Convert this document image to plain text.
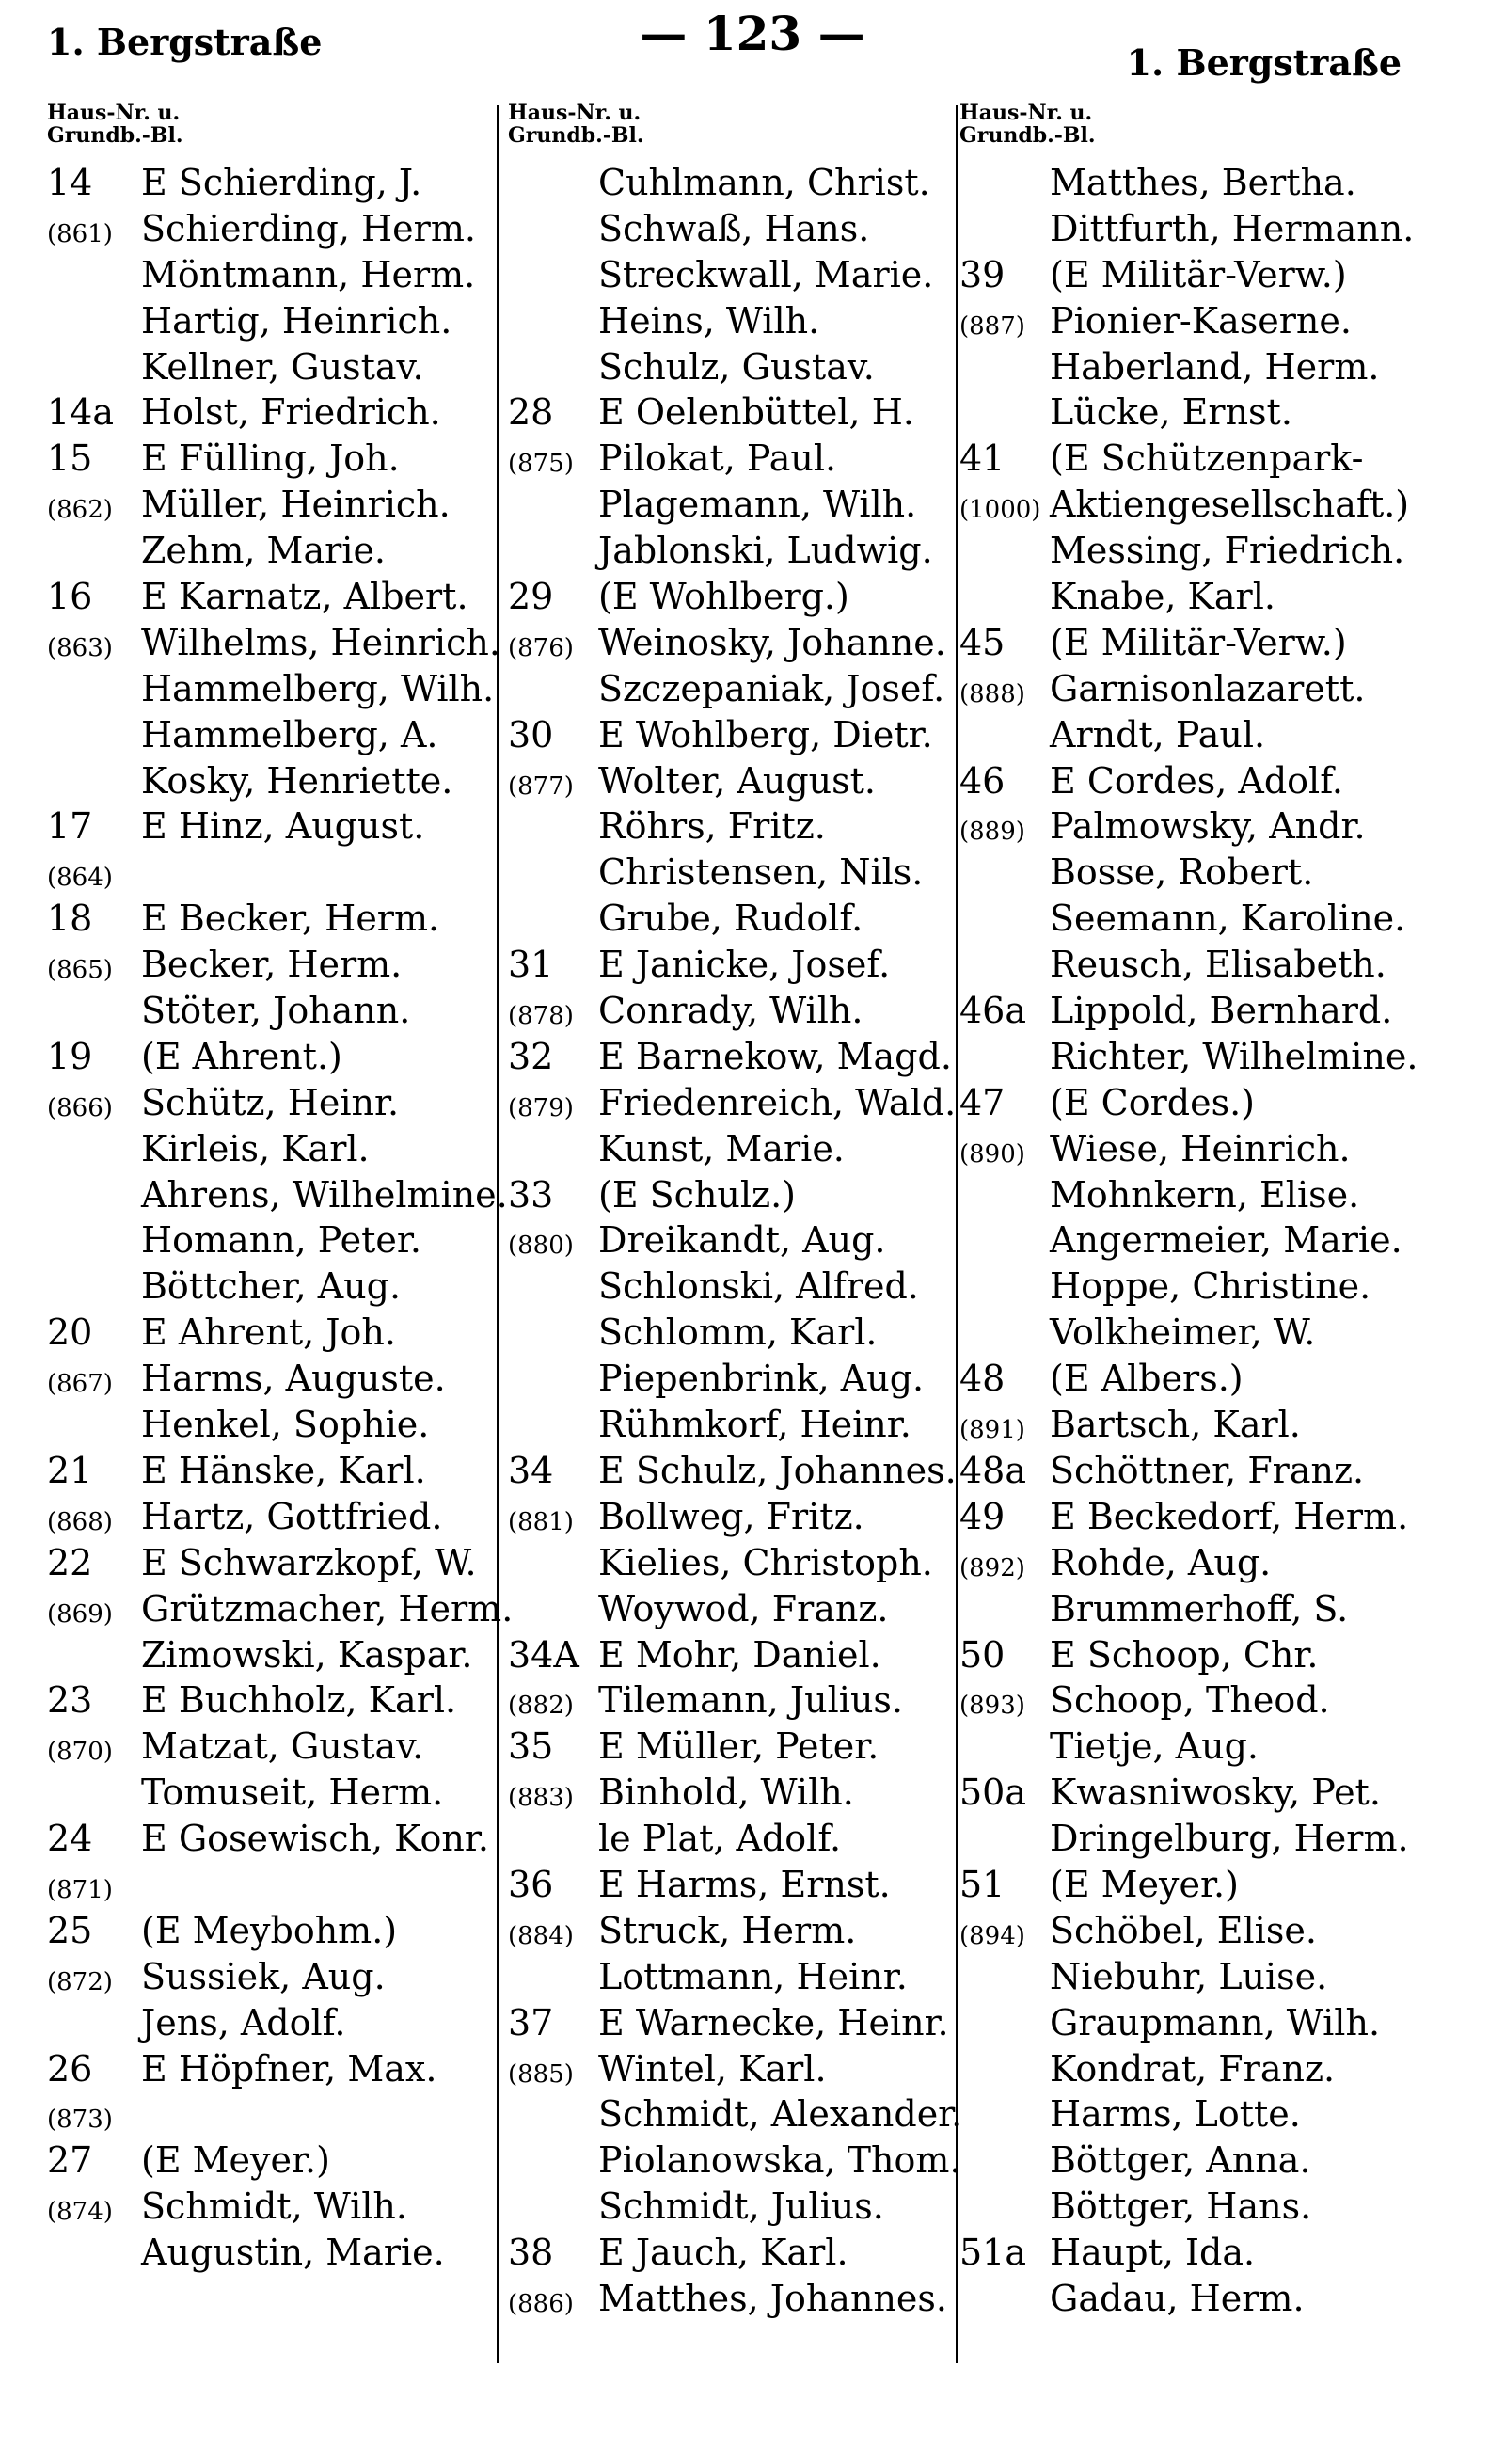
1. Bergstraße	— 123 —
1. Bergstraße
Haus-Nr. u.
Grundb.-Bl.
14 E Schierding, J.
(861) Schierding, Herm.
Möntmann, Herm.
Hartig, Heinrich.
Kellner, Gustav.
14a Holst, Friedrich.
15 E Fülling, Joh.
(862) Müller, Heinrich.
Zehm, Marie.
16 E Karnatz, Albert.
(863) Wilhelms, Heinrich.
Hammelberg, Wilh.
Hammelberg, A.
Kosky, Henriette.
17 E Hinz, August.
(864)
18 E Becker, Herm.
(865) Becker, Herm.
Stöter, Johann.
19 (E Ahrent.)
(866) Schütz, Heinr.
Kirleis, Karl.
Ahrens, Wilhelmine.
Homann, Peter.
Böttcher, Aug.
20 E Ahrent, Joh.
(867) Harms, Auguste.
Henkel, Sophie.
21 E Hänske, Karl.
(868) Hartz, Gottfried.
22 E Schwarzkopf, W.
(869) Grützmacher, Herm.
Zimowski, Kaspar.
23 E Buchholz, Karl.
(870) Matzat, Gustav.
Tomuseit, Herm.
24 E Gosewisch, Konr.
(871)
25 (E Meybohm.)
(872) Sussiek, Aug.
Jens, Adolf.
26 E Höpfner, Max.
(873)
27 (E Meyer.)
(874) Schmidt, Wilh.
Augustin, Marie.
Haus-Nr. u.
Grundb.-Bl.
Cuhlmann, Christ.
Schwaß, Hans.
Streckwall, Marie.
Heins, Wilh.
Schulz, Gustav.
28 E Oelenbüttel, H.
(875) Pilokat, Paul.
Plagemann, Wilh.
Jablonski, Ludwig.
29 (E Wohlberg.)
(876) Weinosky, Johanne.
Szczepaniak, Josef.
30 E Wohlberg, Dietr.
(877) Wolter, August.
Röhrs, Fritz.
Christensen, Nils.
Grube, Rudolf.
31 E Janicke, Josef.
(878) Conrady, Wilh.
32 E Barnekow, Magd.
(879) Friedenreich, Wald.
Kunst, Marie.
33 (E Schulz.)
(880) Dreikandt, Aug.
Schlonski, Alfred.
Schlomm, Karl.
Piepenbrink, Aug.
Rühmkorf, Heinr.
34 E Schulz, Johannes.
(881) Bollweg, Fritz.
Kielies, Christoph.
Woywod, Franz.
34A E Mohr, Daniel.
(882) Tilemann, Julius.
35 E Müller, Peter.
(883) Binhold, Wilh.
le Plat, Adolf.
36 E Harms, Ernst.
(884) Struck, Herm.
Lottmann, Heinr.
37 E Warnecke, Heinr.
(885) Wintel, Karl.
Schmidt, Alexander.
Piolanowska, Thom.
Schmidt, Julius.
38 E Jauch, Karl.
(886) Matthes, Johannes.
Haus-Nr. u.
Grundb.-Bl.
Matthes, Bertha.
Dittfurth, Hermann.
39 (E Militär-Verw.)
(887) Pionier-Kaserne.
Haberland, Herm.
Lücke, Ernst.
41 (E Schützenpark-
(1000) Aktiengesellschaft.)
Messing, Friedrich.
Knabe, Karl.
45 (E Militär-Verw.)
(888) Garnisonlazarett.
Arndt, Paul.
46 E Cordes, Adolf.
(889) Palmowsky, Andr.
Bosse, Robert.
Seemann, Karoline.
Reusch, Elisabeth.
46a Lippold, Bernhard.
Richter, Wilhelmine.
47 (E Cordes.)
(890) Wiese, Heinrich.
Mohnkern, Elise.
Angermeier, Marie.
Hoppe, Christine.
Volkheimer, W.
48 (E Albers.)
(891) Bartsch, Karl.
48a Schöttner, Franz.
49 E Beckedorf, Herm.
(892) Rohde, Aug.
Brummerhoff, S.
50 E Schoop, Chr.
(893) Schoop, Theod.
Tietje, Aug.
50a Kwasniwosky, Pet.
Dringelburg, Herm.
51 (E Meyer.)
(894) Schöbel, Elise.
Niebuhr, Luise.
Graupmann, Wilh.
Kondrat, Franz.
Harms, Lotte.
Böttger, Anna.
Böttger, Hans.
51a Haupt, Ida.
Gadau, Herm.
